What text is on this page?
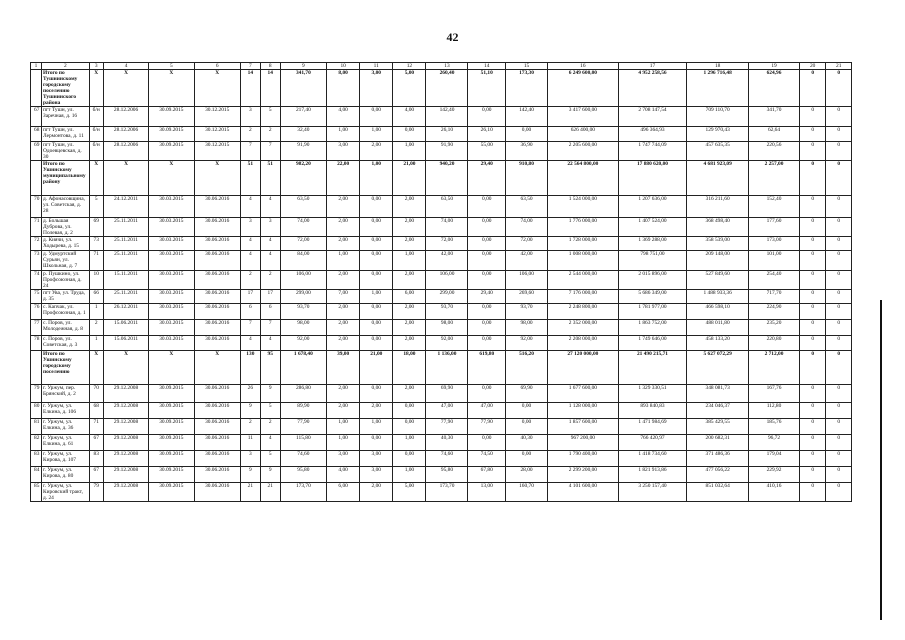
42
1	2	3	4	5	6	7	8	9	10	11	12	13	14	15	16	17	18	19	20	21
	Итого по Тушнинскому городскому поселению Тушнинского района	X	X	X	X	14	14	341,70	8,00	3,00	5,00	260,40	51,10	173,30	6 249 600,00	4 952 258,56	1 296 716,48	624,96	0	0
67	пгт Тушн, ул. Заречная, д. 16	б/н	28.12.2006	30.09.2015	30.12.2015	3	5	217,40	4,00	0,00	4,00	142,40	0,00	142,40	3 417 600,00	2 708 147,54	709 110,70	341,70	0	0
68	пгт Тушн, ул. Лермонтова, д. 11	б/н	28.12.2006	30.09.2015	30.12.2015	2	2	32,40	1,00	1,00	0,00	26,10	26,10	0,00	626 400,00	496 364,93	129 970,43	62,64	0	0
69	пгт Тушн, ул. Одоевцевская, д. 30	б/н	28.12.2006	30.09.2015	30.12.2015	7	7	91,90	3,00	2,00	1,00	91,90	55,00	36,90	2 205 600,00	1 747 744,09	457 635,35	220,56	0	0
	Итого по Ушинскому муниципальному району	X	X	X	X	51	51	982,20	22,00	1,00	21,00	940,20	29,40	910,80	22 564 800,00	17 880 620,00	4 681 923,09	2 257,00	0	0
70	д. Афонасовщина, ул. Советская, д. 28	5	24.12.2011	30.03.2015	30.06.2016	4	4	63,50	2,00	0,00	2,00	63,50	0,00	63,50	1 524 000,00	1 207 636,00	316 211,60	152,40	0	0
71	д. Большая Дуброва, ул. Полевая, д. 2	69	25.11.2011	30.03.2015	30.06.2016	3	3	74,00	2,00	0,00	2,00	74,00	0,00	74,00	1 776 000,00	1 407 524,00	368 498,40	177,60	0	0
72	д. Киячи, ул. Ходырева, д. 15	73	25.11.2011	30.03.2015	30.06.2016	4	4	72,00	2,00	0,00	2,00	72,00	0,00	72,00	1 728 000,00	1 369 288,00	358 539,00	173,00	0	0
73	д. Удмуртский Сурьян, ул. Школьная, д. 7	71	25.11.2011	30.03.2015	30.06.2016	4	4	84,00	1,00	0,00	1,00	42,00	0,00	42,00	1 008 000,00	798 751,00	209 148,00	101,00	0	0
74	р. Пушкино, ул. Профсоюзная, д. 24	10	15.11.2011	30.03.2015	30.06.2016	2	2	106,00	2,00	0,00	2,00	106,00	0,00	106,00	2 544 000,00	2 015 896,00	527 849,60	254,40	0	0
75	пгт Ува, ул. Труда, д. 35	66	25.11.2011	30.03.2015	30.06.2016	17	17	299,00	7,00	1,00	6,00	299,00	29,40	269,60	7 176 000,00	5 686 349,00	1 488 933,36	717,70	0	0
76	с. Капчак, ул. Профсоюзная, д. 1	1	26.12.2011	30.03.2015	30.06.2016	6	6	93,70	2,00	0,00	2,00	93,70	0,00	93,70	2 248 800,00	1 781 977,00	466 598,10	224,90	0	0
77	с. Поров, ул. Молодежная, д. 8	2	15.06.2011	30.03.2015	30.06.2016	7	7	98,00	2,00	0,00	2,00	98,00	0,00	98,00	2 352 000,00	1 863 752,00	488 011,80	235,20	0	0
78	с. Поров, ул. Советская, д. 3	1	15.06.2011	30.03.2015	30.06.2016	4	4	92,00	2,00	0,00	2,00	92,00	0,00	92,00	2 208 000,00	1 749 646,00	458 133,20	220,80	0	0
	Итого по Ушинскому городскому поселению	X	X	X	X	130	95	1 678,40	39,00	21,00	18,00	1 136,00	619,80	516,20	27 120 000,00	21 490 215,71	5 627 072,29	2 712,00	0	0
79	г. Уржум, пер. Брянский, д. 2	70	29.12.2008	30.09.2015	30.06.2016	26	9	286,80	2,00	0,00	2,00	69,90	0,00	69,90	1 677 600,00	1 329 330,51	348 081,73	167,76	0	0
80	г. Уржум, ул. Елкина, д. 106	68	29.12.2008	30.09.2015	30.06.2016	9	5	89,90	2,00	2,00	0,00	47,00	47,00	0,00	1 128 000,00	893 840,83	234 046,37	112,80	0	0
81	г. Уржум, ул. Елкина, д. 36	71	29.12.2008	30.09.2015	30.06.2016	2	2	77,90	1,00	1,00	0,00	77,90	77,90	0,00	1 857 600,00	1 471 984,69	385 429,55	185,76	0	0
82	г. Уржум, ул. Елкина, д. 61	67	29.12.2008	30.09.2015	30.06.2016	11	4	115,80	1,00	0,00	1,00	40,30	0,00	40,30	967 200,00	766 420,97	200 682,31	96,72	0	0
83	г. Уржум, ул. Кирова, д. 107	83	29.12.2008	30.09.2015	30.06.2016	3	5	74,60	3,00	3,00	0,00	74,60	74,50	0,00	1 790 400,00	1 418 734,60	371 486,36	179,04	0	0
84	г. Уржум, ул. Кирова, д. 80	67	29.12.2008	30.09.2015	30.06.2016	9	9	95,80	4,00	3,00	1,00	95,80	67,80	28,00	2 299 200,00	1 821 913,86	477 056,22	229,92	0	0
85	г. Уржум, ул. Кировский тракт, д. 24	79	29.12.2008	30.09.2015	30.06.2016	21	21	173,70	6,00	2,00	5,00	173,70	13,00	160,70	4 101 600,00	3 250 157,40	851 032,64	410,16	0	0
